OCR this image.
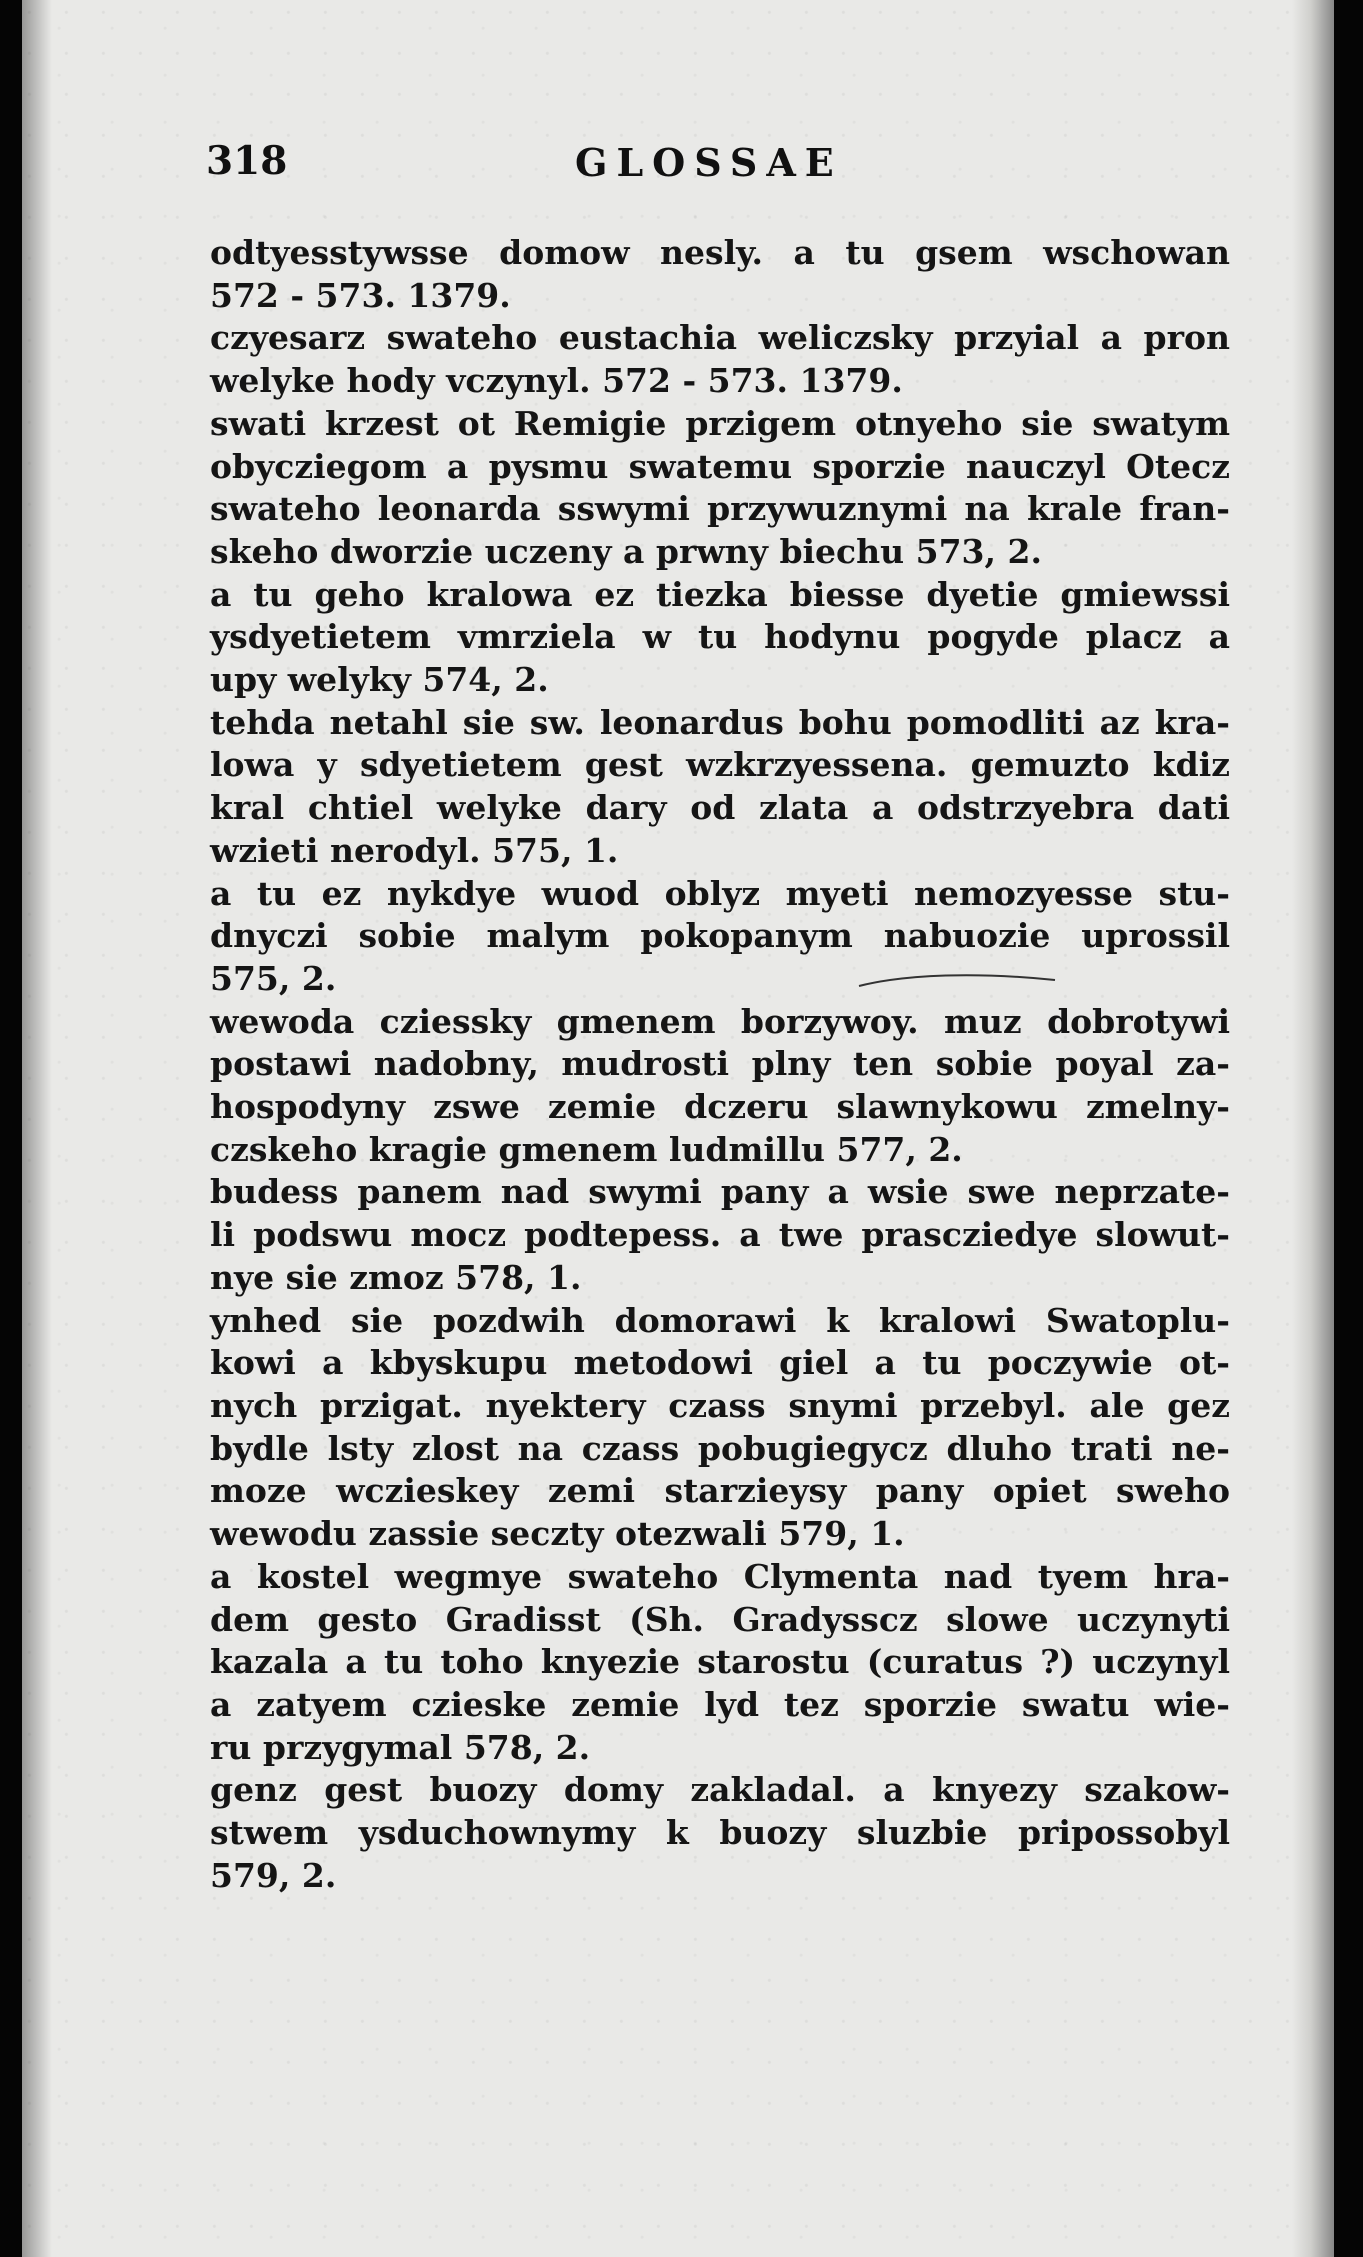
318	GLOSSAE
odtyesstywsse domow nesly. a tu gsem wschowan
572 - 573. 1379.
czyesarz swateho eustachia weliczsky przyial a pron
welyke hody vczynyl. 572 - 573. 1379.
swati krzest ot Remigie przigem otnyeho sie swatym
obycziegom a pysmu swatemu sporzie nauczyl Otecz
swateho leonarda sswymi przywuznymi na krale fran-
skeho dworzie uczeny a prwny biechu 573, 2.
a tu geho kralowa ez tiezka biesse dyetie gmiewssi
ysdyetietem vmrziela w tu hodynu pogyde placz a
upy welyky 574, 2.
tehda netahl sie sw. leonardus bohu pomodliti az kra-
lowa y sdyetietem gest wzkrzyessena. gemuzto kdiz
kral chtiel welyke dary od zlata a odstrzyebra dati
wzieti nerodyl. 575, 1.
a tu ez nykdye wuod oblyz myeti nemozyesse stu-
dnyczi sobie malym pokopanym nabuozie uprossil
575, 2.
wewoda cziessky gmenem borzywoy. muz dobrotywi
postawi nadobny, mudrosti plny ten sobie poyal za-
hospodyny zswe zemie dczeru slawnykowu zmelny-
czskeho kragie gmenem ludmillu 577, 2.
budess panem nad swymi pany a wsie swe neprzate-
li podswu mocz podtepess. a twe prascziedye slowut-
nye sie zmoz 578, 1.
ynhed sie pozdwih domorawi k kralowi Swatoplu-
kowi a kbyskupu metodowi giel a tu poczywie ot-
nych przigat. nyektery czass snymi przebyl. ale gez
bydle lsty zlost na czass pobugiegycz dluho trati ne-
moze wczieskey zemi starzieysy pany opiet sweho
wewodu zassie seczty otezwali 579, 1.
a kostel wegmye swateho Clymenta nad tyem hra-
dem gesto Gradisst (Sh. Gradysscz slowe uczynyti
kazala a tu toho knyezie starostu (curatus ?) uczynyl
a zatyem czieske zemie lyd tez sporzie swatu wie-
ru przygymal 578, 2.
genz gest buozy domy zakladal. a knyezy szakow-
stwem ysduchownymy k buozy sluzbie pripossobyl
579, 2.
